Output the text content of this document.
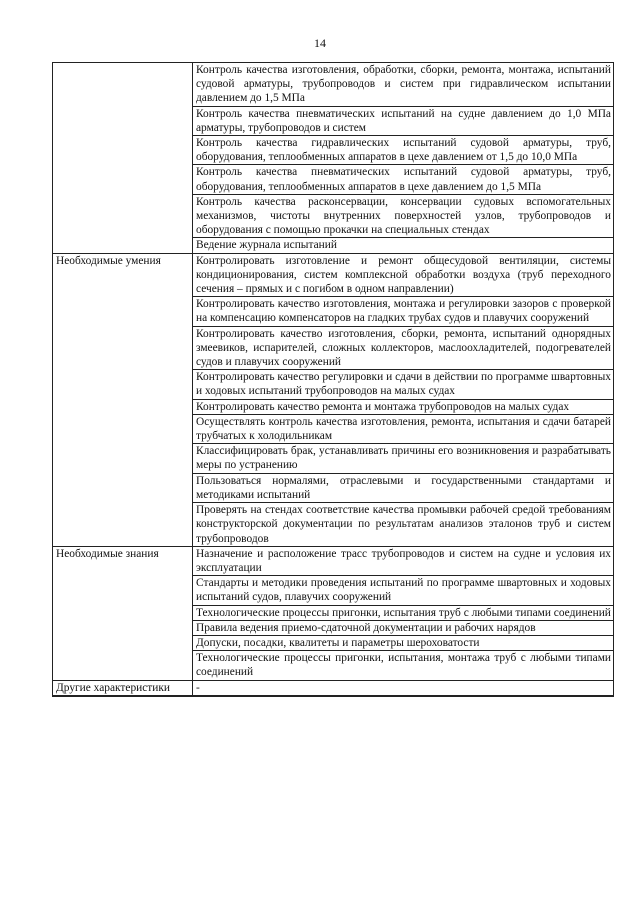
14
	Контроль качества изготовления, обработки, сборки, ремонта, монтажа, испытаний судовой арматуры, трубопроводов и систем при гидравлическом испытании давлением до 1,5 МПа
	Контроль качества пневматических испытаний на судне давлением до 1,0 МПа арматуры, трубопроводов и систем
	Контроль качества гидравлических испытаний судовой арматуры, труб, оборудования, теплообменных аппаратов в цехе давлением от 1,5 до 10,0 МПа
	Контроль качества пневматических испытаний судовой арматуры, труб, оборудования, теплообменных аппаратов в цехе давлением до 1,5 МПа
	Контроль качества расконсервации, консервации судовых вспомогательных механизмов, чистоты внутренних поверхностей узлов, трубопроводов и оборудования с помощью прокачки на специальных стендах
	Ведение журнала испытаний
Необходимые умения	Контролировать изготовление и ремонт общесудовой вентиляции, системы кондиционирования, систем комплексной обработки воздуха (труб переходного сечения – прямых и с погибом в одном направлении)
	Контролировать качество изготовления, монтажа и регулировки зазоров с проверкой на компенсацию компенсаторов на гладких трубах судов и плавучих сооружений
	Контролировать качество изготовления, сборки, ремонта, испытаний однорядных змеевиков, испарителей, сложных коллекторов, маслоохладителей, подогревателей судов и плавучих сооружений
	Контролировать качество регулировки и сдачи в действии по программе швартовных и ходовых испытаний трубопроводов на малых судах
	Контролировать качество ремонта и монтажа трубопроводов на малых судах
	Осуществлять контроль качества изготовления, ремонта, испытания и сдачи батарей трубчатых к холодильникам
	Классифицировать брак, устанавливать причины его возникновения и разрабатывать меры по устранению
	Пользоваться нормалями, отраслевыми и государственными стандартами и методиками испытаний
	Проверять на стендах соответствие качества промывки рабочей средой требованиям конструкторской документации по результатам анализов эталонов труб и систем трубопроводов
Необходимые знания	Назначение и расположение трасс трубопроводов и систем на судне и условия их эксплуатации
	Стандарты и методики проведения испытаний по программе швартовных и ходовых испытаний судов, плавучих сооружений
	Технологические процессы пригонки, испытания труб с любыми типами соединений
	Правила ведения приемо-сдаточной документации и рабочих нарядов
	Допуски, посадки, квалитеты и параметры шероховатости
	Технологические процессы пригонки, испытания, монтажа труб с любыми типами соединений
Другие характеристики	-
